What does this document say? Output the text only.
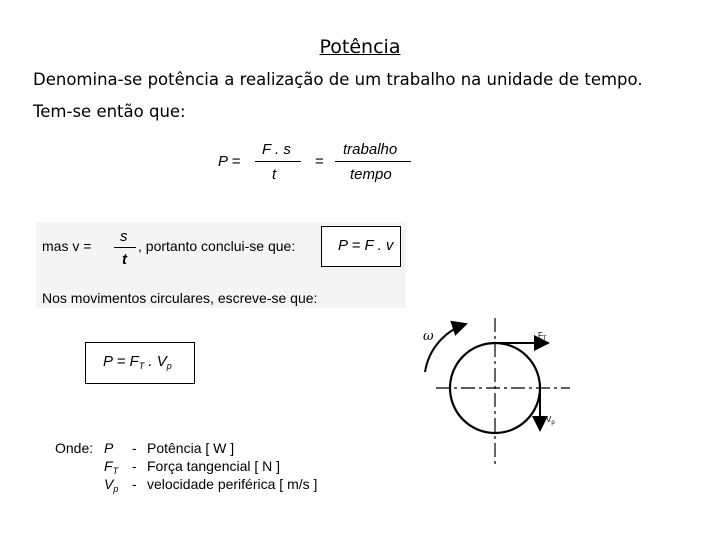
Potência
Denomina-se potência a realização de um trabalho na unidade de tempo.
Tem-se então que:
P =
F . s
t
=
trabalho
tempo
mas v =
s
t
, portanto conclui-se que:	P = F . v
Nos movimentos circulares, escreve-se que:
$P = F_T$ . $V_p$
ω	$F_T$
$V_p$
Onde: P - Potência [ W ]
$F_T$ - Força tangencial [ N ]
$V_p$ - velocidade periférica [ m/s ]
